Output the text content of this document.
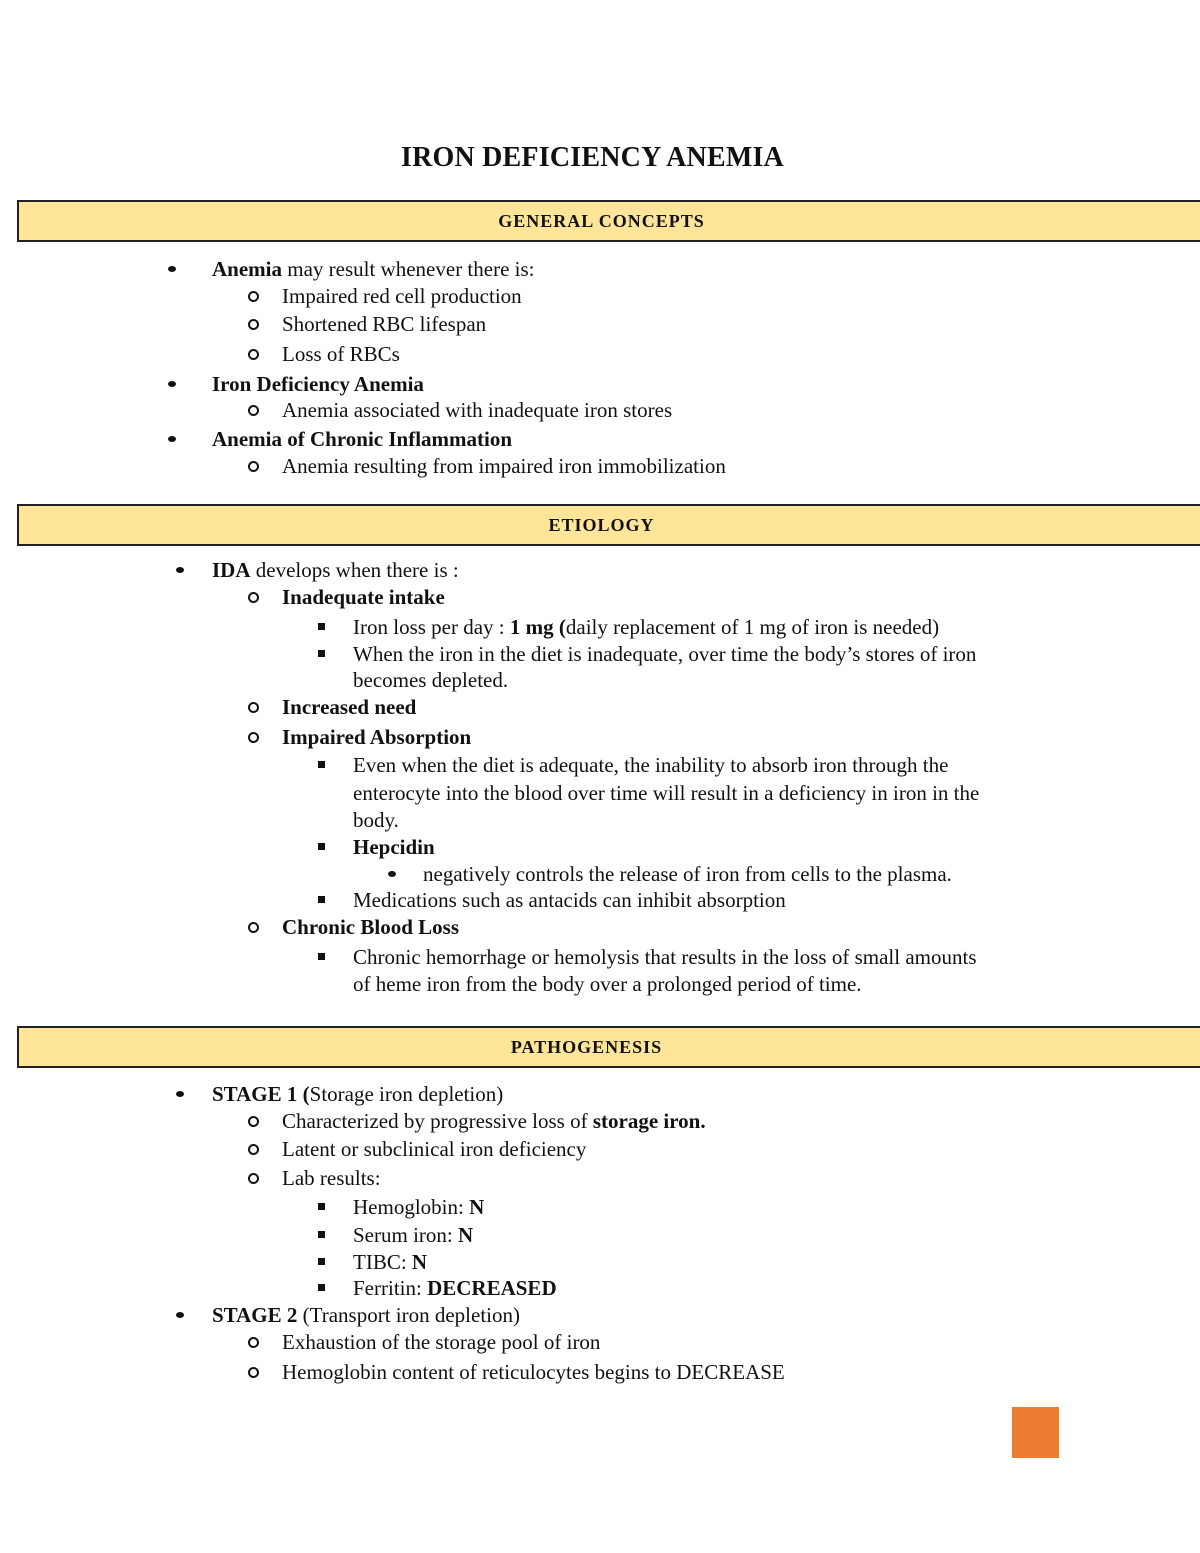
IRON DEFICIENCY ANEMIA
GENERAL CONCEPTS
Anemia may result whenever there is:
Impaired red cell production
Shortened RBC lifespan
Loss of RBCs
Iron Deficiency Anemia
Anemia associated with inadequate iron stores
Anemia of Chronic Inflammation
Anemia resulting from impaired iron immobilization
ETIOLOGY
IDA develops when there is :
Inadequate intake
Iron loss per day : 1 mg (daily replacement of 1 mg of iron is needed)
When the iron in the diet is inadequate, over time the body’s stores of iron
becomes depleted.
Increased need
Impaired Absorption
Even when the diet is adequate, the inability to absorb iron through the
enterocyte into the blood over time will result in a deficiency in iron in the
body.
Hepcidin
negatively controls the release of iron from cells to the plasma.
Medications such as antacids can inhibit absorption
Chronic Blood Loss
Chronic hemorrhage or hemolysis that results in the loss of small amounts
of heme iron from the body over a prolonged period of time.
PATHOGENESIS
STAGE 1 (Storage iron depletion)
Characterized by progressive loss of storage iron.
Latent or subclinical iron deficiency
Lab results:
Hemoglobin: N
Serum iron: N
TIBC: N
Ferritin: DECREASED
STAGE 2 (Transport iron depletion)
Exhaustion of the storage pool of iron
Hemoglobin content of reticulocytes begins to DECREASE
